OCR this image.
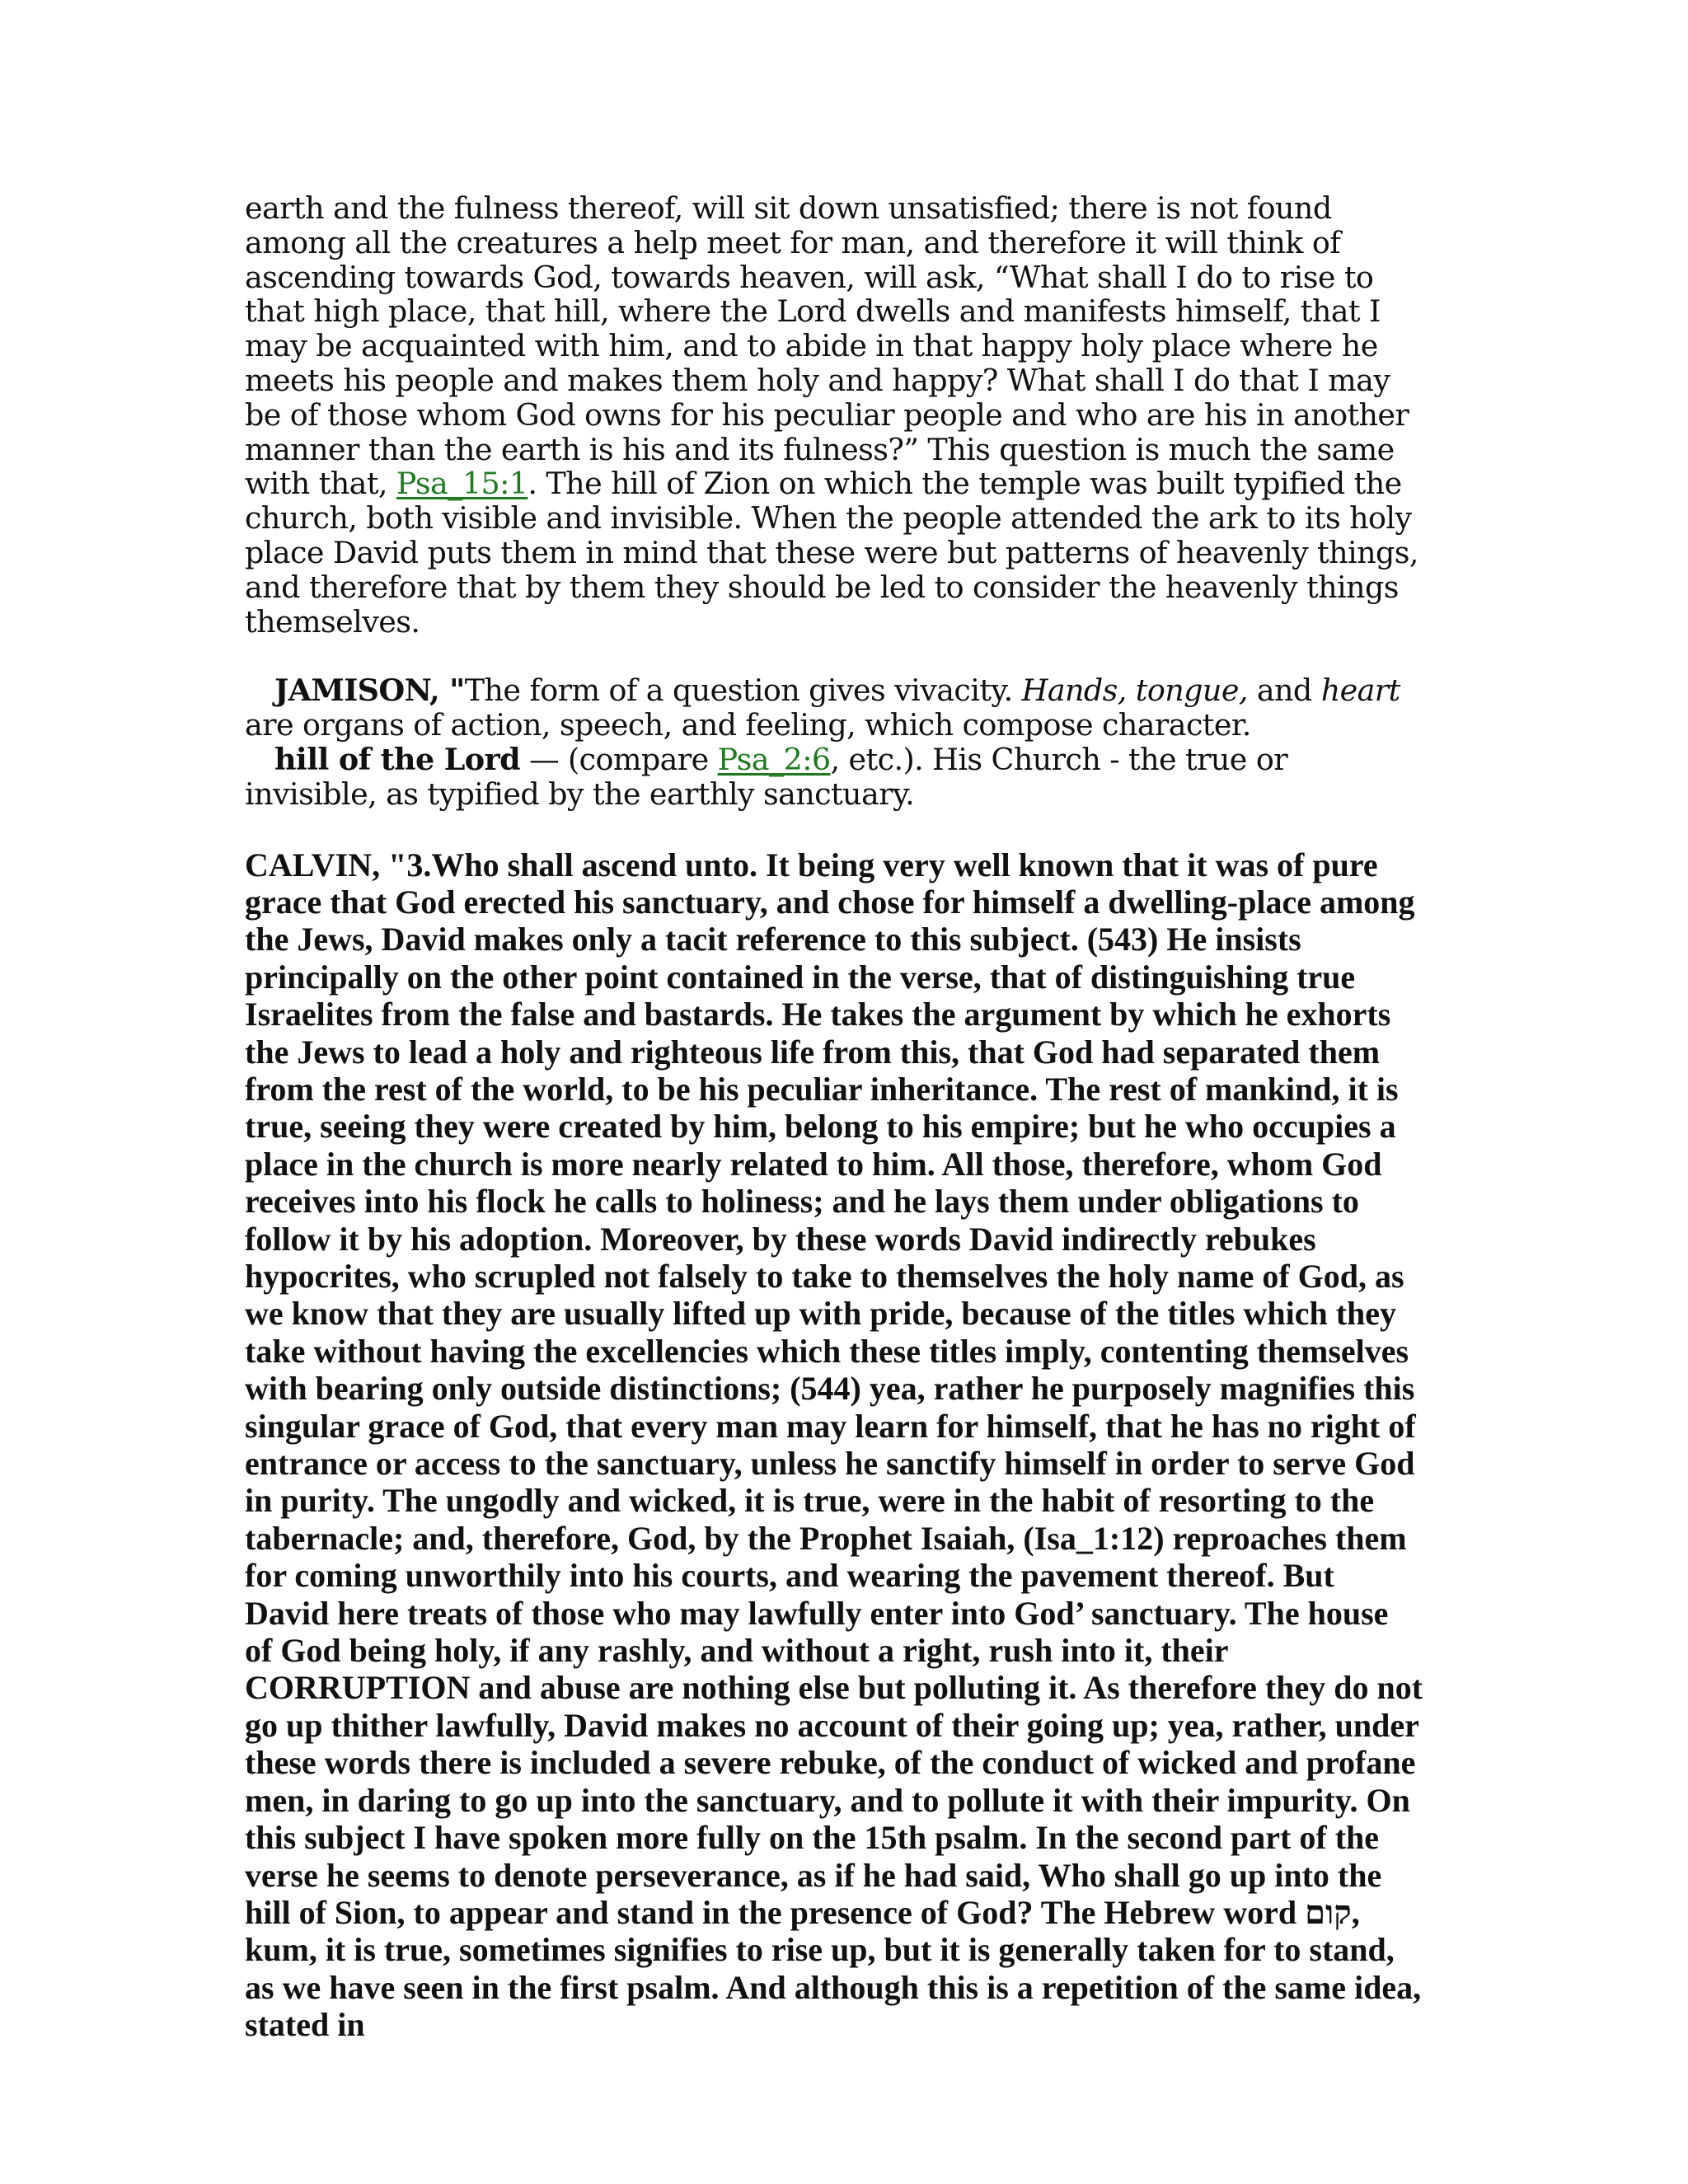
earth and the fulness thereof, will sit down unsatisfied; there is not found among all the creatures a help meet for man, and therefore it will think of ascending towards God, towards heaven, will ask, “What shall I do to rise to that high place, that hill, where the Lord dwells and manifests himself, that I may be acquainted with him, and to abide in that happy holy place where he meets his people and makes them holy and happy? What shall I do that I may be of those whom God owns for his peculiar people and who are his in another manner than the earth is his and its fulness?” This question is much the same with that, Psa_15:1. The hill of Zion on which the temple was built typified the church, both visible and invisible. When the people attended the ark to its holy place David puts them in mind that these were but patterns of heavenly things, and therefore that by them they should be led to consider the heavenly things themselves.

JAMISON, "The form of a question gives vivacity. Hands, tongue, and heart are organs of action, speech, and feeling, which compose character.

hill of the Lord — (compare Psa_2:6, etc.). His Church - the true or invisible, as typified by the earthly sanctuary.

CALVIN, "3.Who shall ascend unto. It being very well known that it was of pure grace that God erected his sanctuary, and chose for himself a dwelling-place among the Jews, David makes only a tacit reference to this subject. (543) He insists principally on the other point contained in the verse, that of distinguishing true Israelites from the false and bastards. He takes the argument by which he exhorts the Jews to lead a holy and righteous life from this, that God had separated them from the rest of the world, to be his peculiar inheritance. The rest of mankind, it is true, seeing they were created by him, belong to his empire; but he who occupies a place in the church is more nearly related to him. All those, therefore, whom God receives into his flock he calls to holiness; and he lays them under obligations to follow it by his adoption. Moreover, by these words David indirectly rebukes hypocrites, who scrupled not falsely to take to themselves the holy name of God, as we know that they are usually lifted up with pride, because of the titles which they take without having the excellencies which these titles imply, contenting themselves with bearing only outside distinctions; (544) yea, rather he purposely magnifies this singular grace of God, that every man may learn for himself, that he has no right of entrance or access to the sanctuary, unless he sanctify himself in order to serve God in purity. The ungodly and wicked, it is true, were in the habit of resorting to the tabernacle; and, therefore, God, by the Prophet Isaiah, (Isa_1:12) reproaches them for coming unworthily into his courts, and wearing the pavement thereof. But David here treats of those who may lawfully enter into God’ sanctuary. The house of God being holy, if any rashly, and without a right, rush into it, their CORRUPTION and abuse are nothing else but polluting it. As therefore they do not go up thither lawfully, David makes no account of their going up; yea, rather, under these words there is included a severe rebuke, of the conduct of wicked and profane men, in daring to go up into the sanctuary, and to pollute it with their impurity. On this subject I have spoken more fully on the 15th psalm. In the second part of the verse he seems to denote perseverance, as if he had said, Who shall go up into the hill of Sion, to appear and stand in the presence of God? The Hebrew word קום, kum, it is true, sometimes signifies to rise up, but it is generally taken for to stand, as we have seen in the first psalm. And although this is a repetition of the same idea, stated in
